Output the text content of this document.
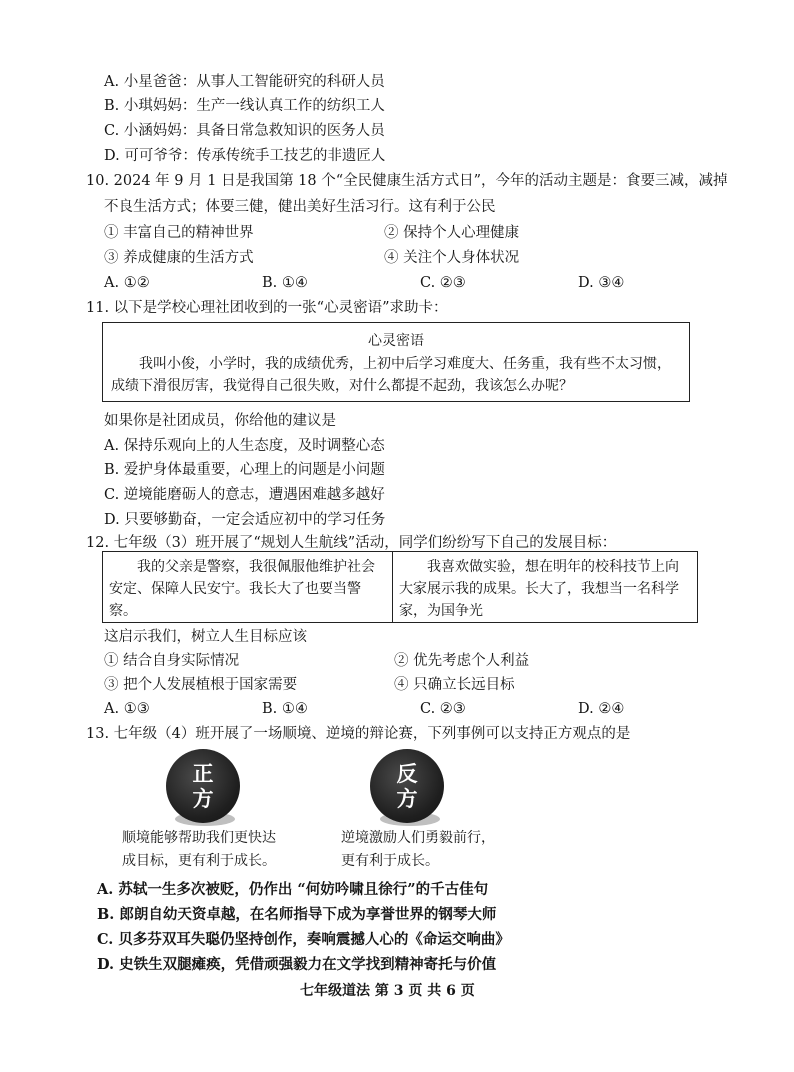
A. 小星爸爸：从事人工智能研究的科研人员
B. 小琪妈妈：生产一线认真工作的纺织工人
C. 小涵妈妈：具备日常急救知识的医务人员
D. 可可爷爷：传承传统手工技艺的非遗匠人
10. 2024 年 9 月 1 日是我国第 18 个“全民健康生活方式日”，今年的活动主题是：食要三减，减掉
不良生活方式；体要三健，健出美好生活习行。这有利于公民
① 丰富自己的精神世界	② 保持个人心理健康
③ 养成健康的生活方式	④ 关注个人身体状况
A. ①②	B. ①④	C. ②③	D. ③④
11. 以下是学校心理社团收到的一张“心灵密语”求助卡：
心灵密语
我叫小俊，小学时，我的成绩优秀，上初中后学习难度大、任务重，我有些不太习惯，成绩下滑很厉害，我觉得自己很失败，对什么都提不起劲，我该怎么办呢？
如果你是社团成员，你给他的建议是
A. 保持乐观向上的人生态度，及时调整心态
B. 爱护身体最重要，心理上的问题是小问题
C. 逆境能磨砺人的意志，遭遇困难越多越好
D. 只要够勤奋，一定会适应初中的学习任务
12. 七年级（3）班开展了“规划人生航线”活动，同学们纷纷写下自己的发展目标：
我的父亲是警察，我很佩服他维护社会安定、保障人民安宁。我长大了也要当警察。
我喜欢做实验，想在明年的校科技节上向大家展示我的成果。长大了，我想当一名科学家，为国争光
这启示我们，树立人生目标应该
① 结合自身实际情况	② 优先考虑个人利益
③ 把个人发展植根于国家需要	④ 只确立长远目标
A. ①③	B. ①④	C. ②③	D. ②④
13. 七年级（4）班开展了一场顺境、逆境的辩论赛，下列事例可以支持正方观点的是
正
方
反
方
顺境能够帮助我们更快达
成目标，更有利于成长。
逆境激励人们勇毅前行，
更有利于成长。
A. 苏轼一生多次被贬，仍作出 “何妨吟啸且徐行”的千古佳句
B. 郎朗自幼天资卓越，在名师指导下成为享誉世界的钢琴大师
C. 贝多芬双耳失聪仍坚持创作，奏响震撼人心的《命运交响曲》
D. 史铁生双腿瘫痪，凭借顽强毅力在文学找到精神寄托与价值
七年级道法 第 3 页 共 6 页
